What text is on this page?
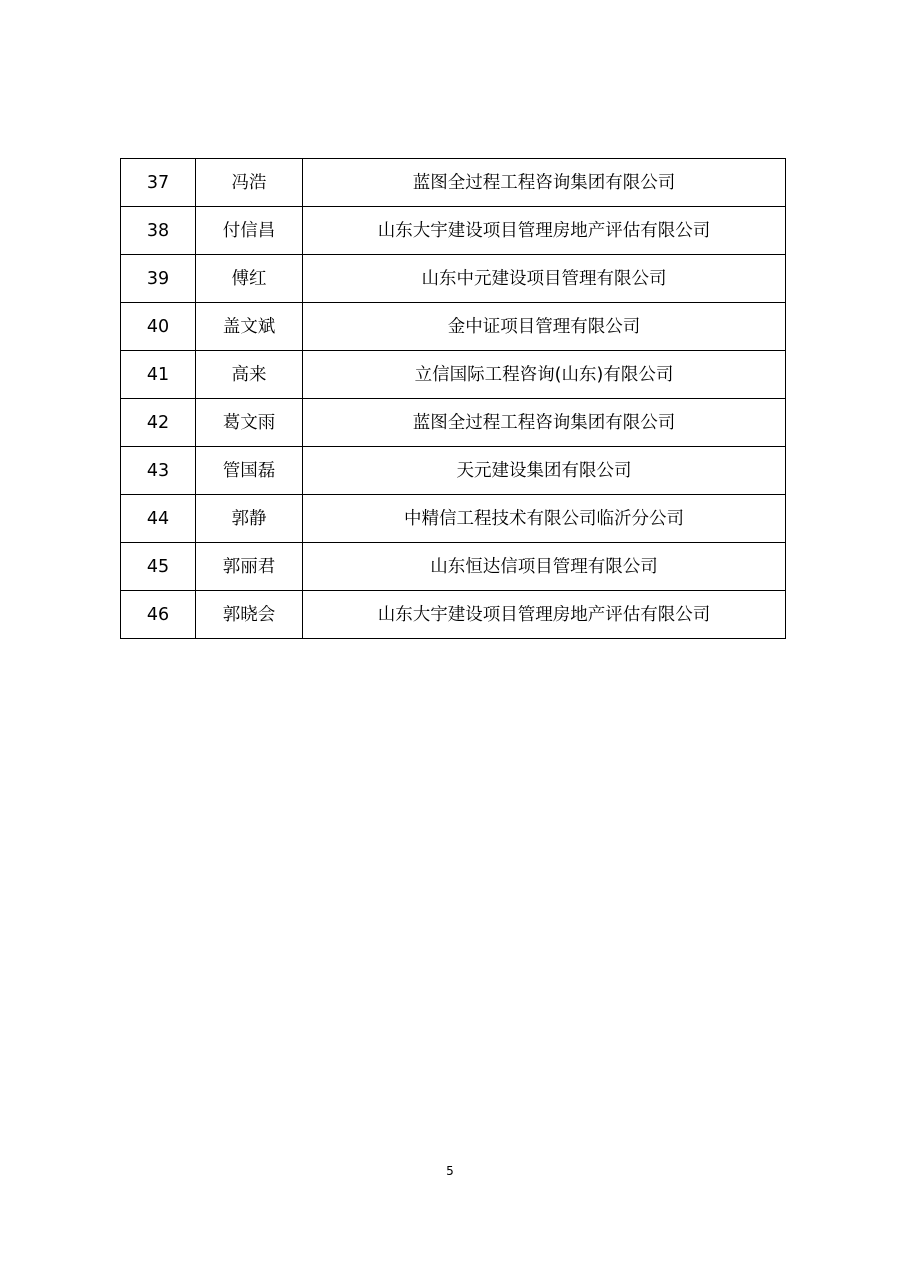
37	冯浩	蓝图全过程工程咨询集团有限公司
38	付信昌	山东大宇建设项目管理房地产评估有限公司
39	傅红	山东中元建设项目管理有限公司
40	盖文斌	金中证项目管理有限公司
41	高来	立信国际工程咨询(山东)有限公司
42	葛文雨	蓝图全过程工程咨询集团有限公司
43	管国磊	天元建设集团有限公司
44	郭静	中精信工程技术有限公司临沂分公司
45	郭丽君	山东恒达信项目管理有限公司
46	郭晓会	山东大宇建设项目管理房地产评估有限公司
5
